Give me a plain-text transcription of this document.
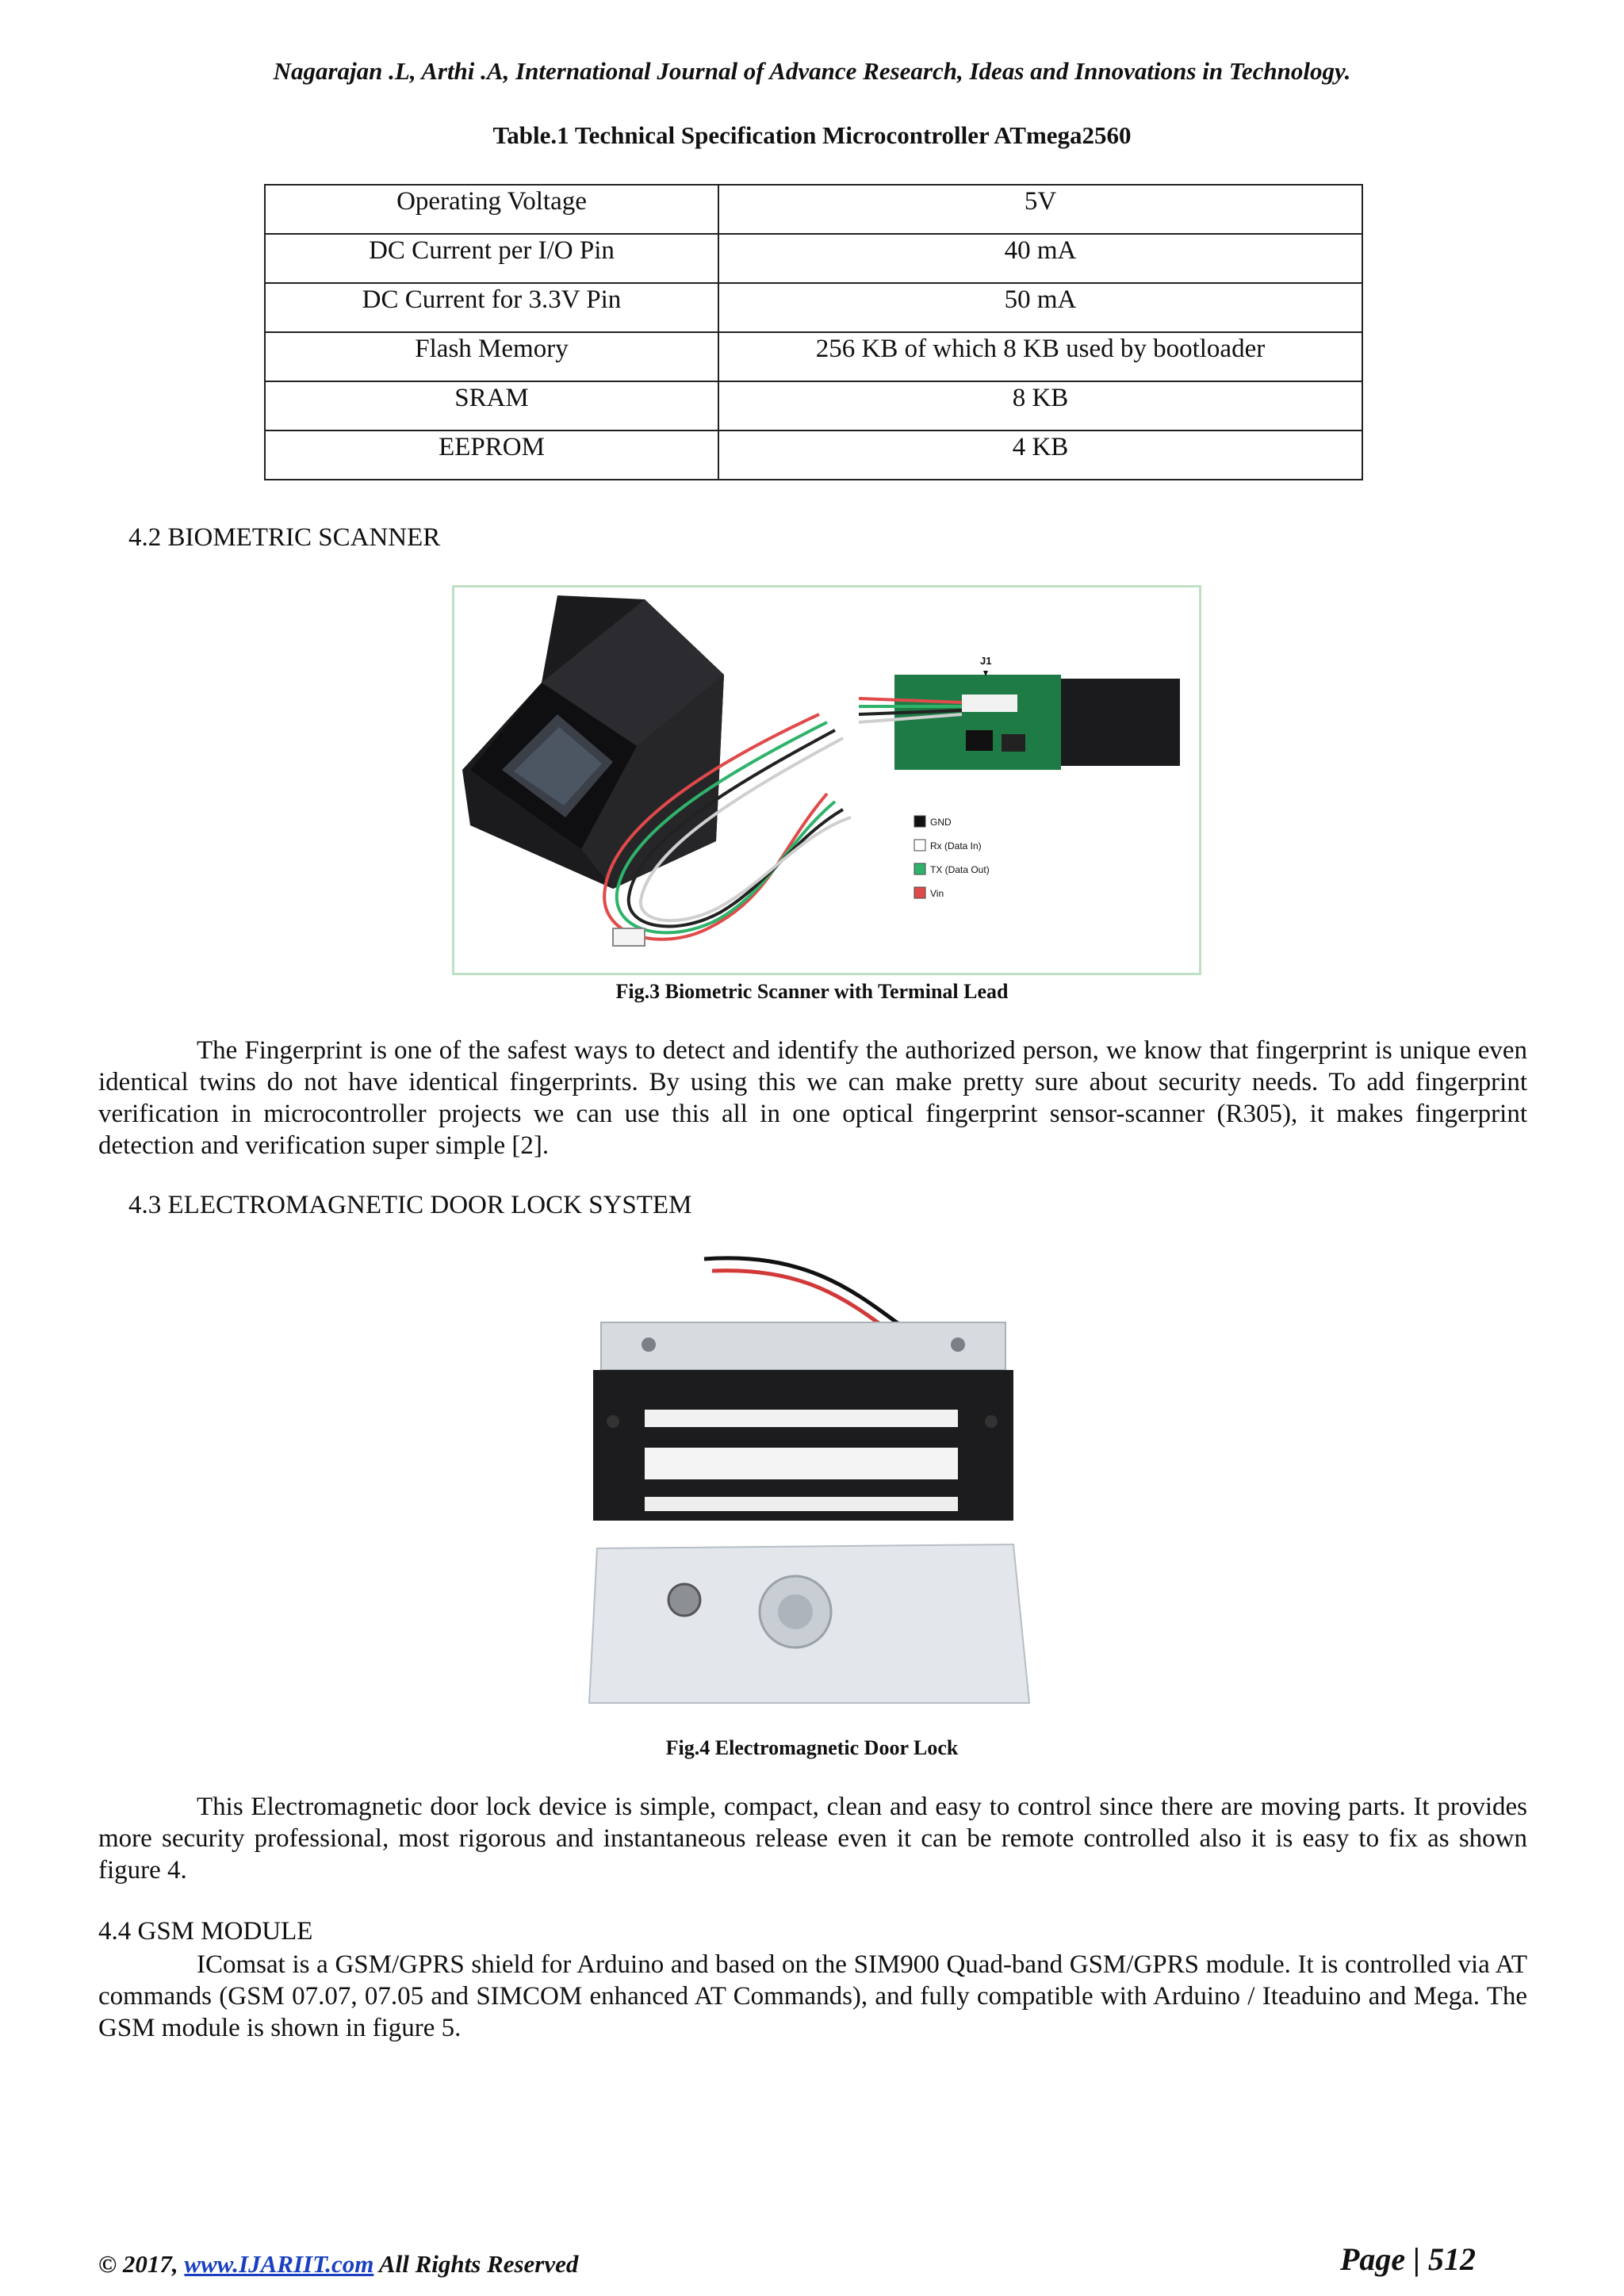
Nagarajan .L, Arthi .A, International Journal of Advance Research, Ideas and Innovations in Technology.
Table.1 Technical Specification Microcontroller ATmega2560
Operating Voltage	5V
DC Current per I/O Pin	40 mA
DC Current for 3.3V Pin	50 mA
Flash Memory	256 KB of which 8 KB used by bootloader
SRAM	8 KB
EEPROM	4 KB
4.2 BIOMETRIC SCANNER
J1
GND
Rx (Data In)
TX (Data Out)
Vin
Fig.3 Biometric Scanner with Terminal Lead

The Fingerprint is one of the safest ways to detect and identify the authorized person, we know that fingerprint is unique even identical twins do not have identical fingerprints. By using this we can make pretty sure about security needs. To add fingerprint verification in microcontroller projects we can use this all in one optical fingerprint sensor-scanner (R305), it makes fingerprint detection and verification super simple [2].

4.3 ELECTROMAGNETIC DOOR LOCK SYSTEM
Fig.4 Electromagnetic Door Lock

This Electromagnetic door lock device is simple, compact, clean and easy to control since there are moving parts. It provides more security professional, most rigorous and instantaneous release even it can be remote controlled also it is easy to fix as shown figure 4.

4.4 GSM MODULE

IComsat is a GSM/GPRS shield for Arduino and based on the SIM900 Quad-band GSM/GPRS module. It is controlled via AT commands (GSM 07.07, 07.05 and SIMCOM enhanced AT Commands), and fully compatible with Arduino / Iteaduino and Mega. The GSM module is shown in figure 5.

© 2017, www.IJARIIT.com All Rights Reserved	Page | 512
